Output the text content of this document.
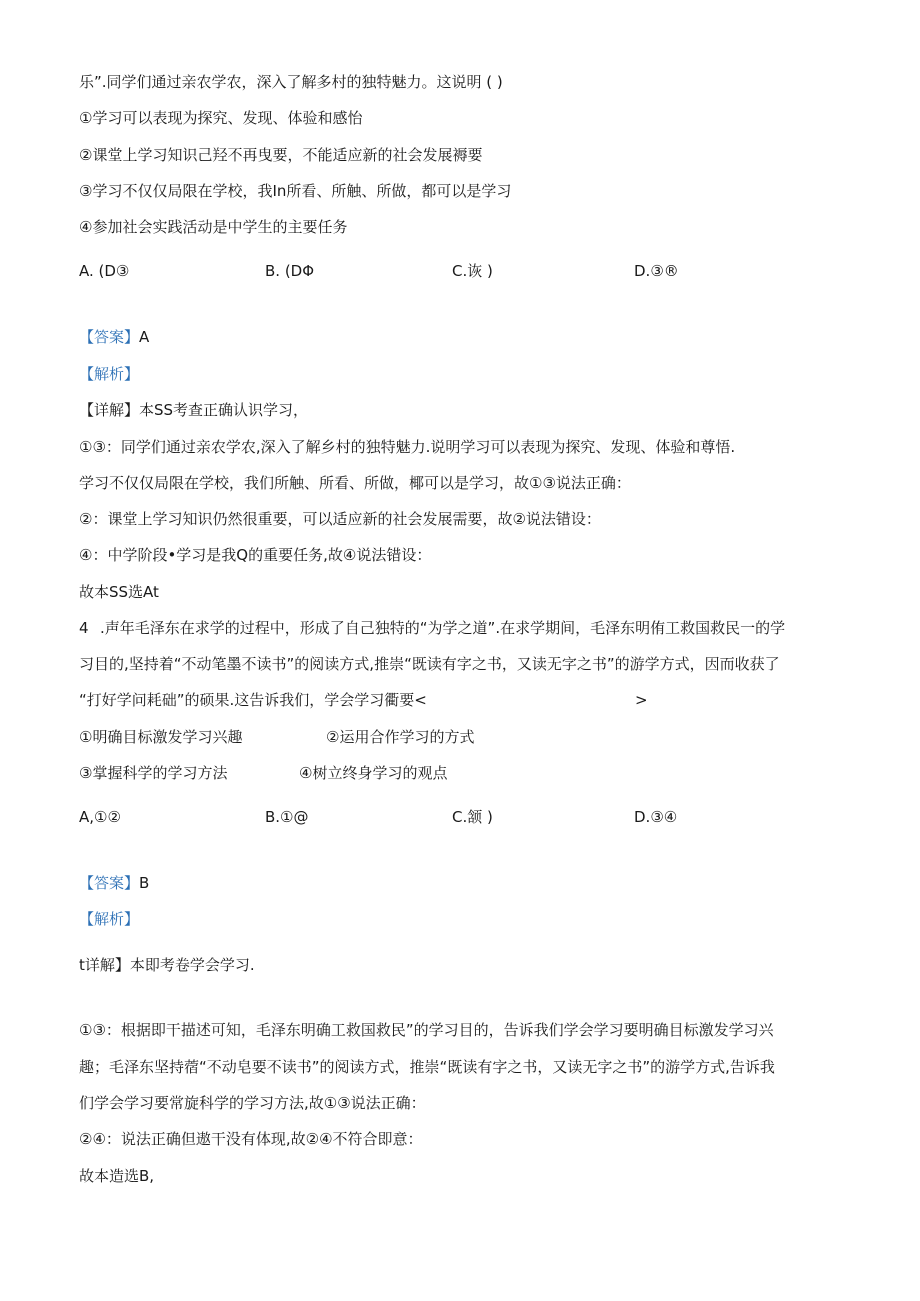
乐”.同学们通过亲农学农，深入了解多村的独特魅力。这说明 ( )
①学习可以表现为探究、发现、体验和感怡
②课堂上学习知识己羟不再曳要，不能适应新的社会发展褥要
③学习不仅仅局限在学校，我In所看、所触、所做，都可以是学习
④参加社会实践活动是中学生的主要任务
A. (D③	B. (DΦ	C.诙 )	D.③®
【答案】A
【解析】
【详解】本SS考查正确认识学习，
①③：同学们通过亲农学农,深入了解乡村的独特魅力.说明学习可以表现为探究、发现、体验和尊悟.
学习不仅仅局限在学校，我们所触、所看、所做，椰可以是学习，故①③说法正确：
②：课堂上学习知识仍然很重要，可以适应新的社会发展需要，故②说法错设：
④：中学阶段•学习是我Q的重要任务,故④说法错设：
故本SS选At
4 .声年毛泽东在求学的过程中，形成了自己独特的“为学之道”.在求学期间，毛泽东明侑工救国救民一的学
习目的,坚持着“不动笔墨不读书”的阅读方式,推崇“既读有字之书，又读无字之书”的游学方式，因而收获了
“打好学问耗础”的硕果.这告诉我们，学会学习衢要<	>
①明确目标激发学习兴趣	②运用合作学习的方式
③掌握科学的学习方法	④树立终身学习的观点
A,①②	B.①@	C.颔 )	D.③④
【答案】B
【解析】
t详解】本即考卷学会学习.
①③：根据即干描述可知，毛泽东明确工救国救民”的学习目的，告诉我们学会学习要明确目标激发学习兴
趣；毛泽东坚持蓿“不动皂要不读书”的阅读方式，推崇“既读有字之书，又读无字之书”的游学方式,告诉我
们学会学习要常旋科学的学习方法,故①③说法正确：
②④：说法正确但遨干没有体现,故②④不符合即意：
故本造选B,
